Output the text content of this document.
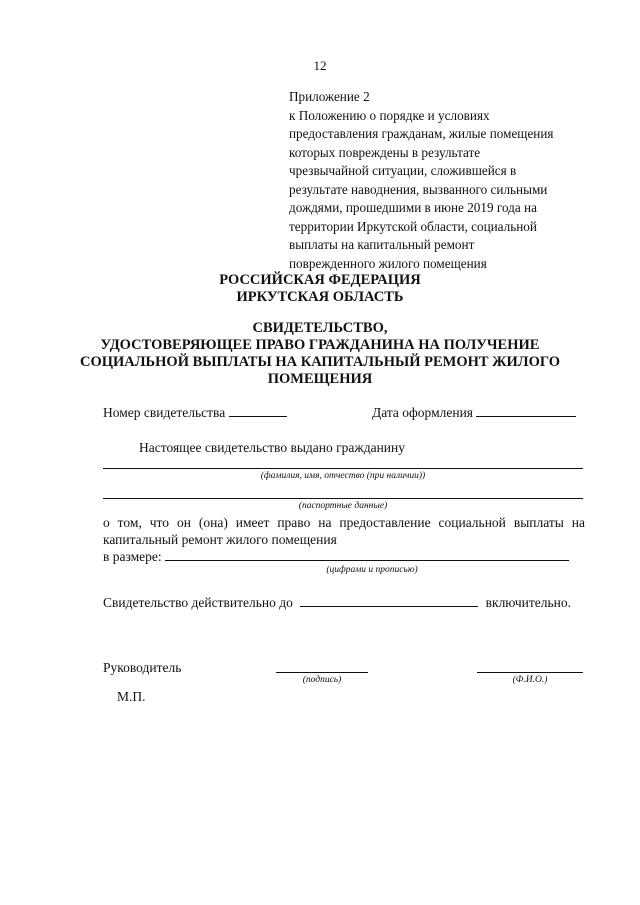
12
Приложение 2
к Положению о порядке и условиях
предоставления гражданам, жилые помещения
которых повреждены в результате
чрезвычайной ситуации, сложившейся в
результате наводнения, вызванного сильными
дождями, прошедшими в июне 2019 года на
территории Иркутской области, социальной
выплаты на капитальный ремонт
поврежденного жилого помещения
РОССИЙСКАЯ ФЕДЕРАЦИЯ
ИРКУТСКАЯ ОБЛАСТЬ
СВИДЕТЕЛЬСТВО,
УДОСТОВЕРЯЮЩЕЕ ПРАВО ГРАЖДАНИНА НА ПОЛУЧЕНИЕ
СОЦИАЛЬНОЙ ВЫПЛАТЫ НА КАПИТАЛЬНЫЙ РЕМОНТ ЖИЛОГО
ПОМЕЩЕНИЯ
Номер свидетельства	Дата оформления
Настоящее свидетельство выдано гражданину
(фамилия, имя, отчество (при наличии))
(паспортные данные)
о том, что он (она) имеет право на предоставление социальной выплаты на капитальный ремонт жилого помещения
в размере:
(цифрами и прописью)
Свидетельство действительно до	включительно.
Руководитель
(подпись)	(Ф.И.О.)
М.П.
